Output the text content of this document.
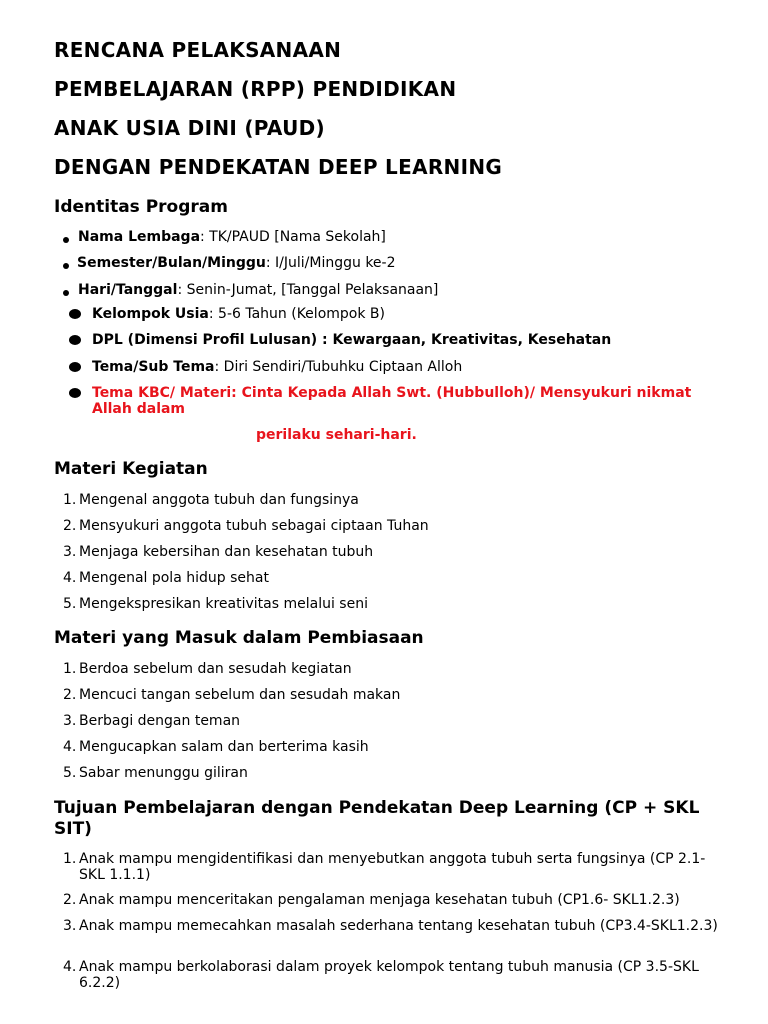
RENCANA PELAKSANAAN
PEMBELAJARAN (RPP) PENDIDIKAN
ANAK USIA DINI (PAUD)
DENGAN PENDEKATAN DEEP LEARNING
Identitas Program
Nama Lembaga: TK/PAUD [Nama Sekolah]
Semester/Bulan/Minggu: I/Juli/Minggu ke-2
Hari/Tanggal: Senin-Jumat, [Tanggal Pelaksanaan]
Kelompok Usia: 5-6 Tahun (Kelompok B)
DPL (Dimensi Profil Lulusan) : Kewargaan, Kreativitas, Kesehatan
Tema/Sub Tema: Diri Sendiri/Tubuhku Ciptaan Alloh
Tema KBC/ Materi: Cinta Kepada Allah Swt. (Hubbulloh)/ Mensyukuri nikmat
Allah dalam
perilaku sehari-hari.
Materi Kegiatan
1. Mengenal anggota tubuh dan fungsinya
2. Mensyukuri anggota tubuh sebagai ciptaan Tuhan
3. Menjaga kebersihan dan kesehatan tubuh
4. Mengenal pola hidup sehat
5. Mengekspresikan kreativitas melalui seni
Materi yang Masuk dalam Pembiasaan
1. Berdoa sebelum dan sesudah kegiatan
2. Mencuci tangan sebelum dan sesudah makan
3. Berbagi dengan teman
4. Mengucapkan salam dan berterima kasih
5. Sabar menunggu giliran
Tujuan Pembelajaran dengan Pendekatan Deep Learning (CP + SKL SIT)
1. Anak mampu mengidentifikasi dan menyebutkan anggota tubuh serta fungsinya (CP 2.1-SKL 1.1.1)
2. Anak mampu menceritakan pengalaman menjaga kesehatan tubuh (CP1.6- SKL1.2.3)
3. Anak mampu memecahkan masalah sederhana tentang kesehatan tubuh (CP3.4-SKL1.2.3)
4. Anak mampu berkolaborasi dalam proyek kelompok tentang tubuh manusia (CP 3.5-SKL 6.2.2)
